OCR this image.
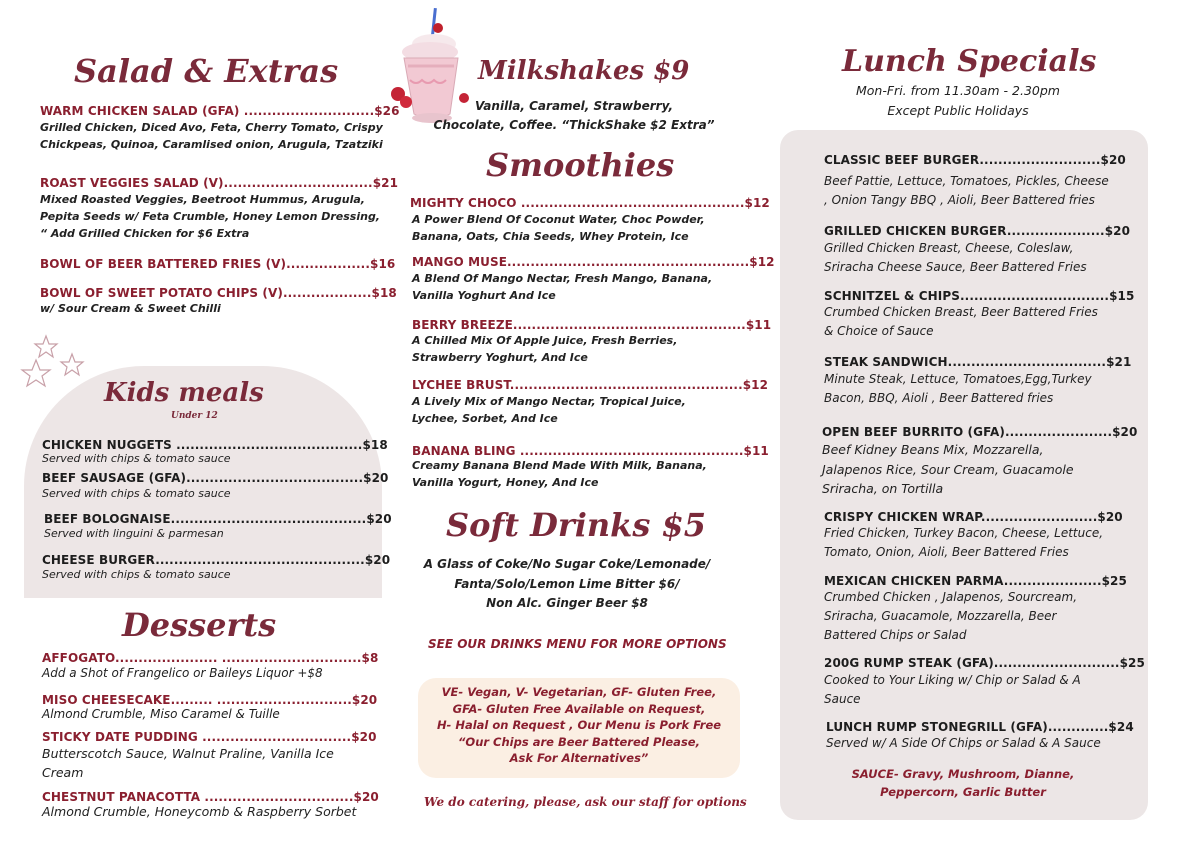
Salad & Extras
WARM CHICKEN SALAD (GFA) ............................$26
Grilled Chicken, Diced Avo, Feta, Cherry Tomato, Crispy
Chickpeas, Quinoa, Caramlised onion, Arugula, Tzatziki
ROAST VEGGIES SALAD (V)................................$21
Mixed Roasted Veggies, Beetroot Hummus, Arugula,
Pepita Seeds w/ Feta Crumble, Honey Lemon Dressing,
“ Add Grilled Chicken for $6 Extra
BOWL OF BEER BATTERED FRIES (V)..................$16
BOWL OF SWEET POTATO CHIPS (V)...................$18
w/ Sour Cream & Sweet Chilli
Kids meals
Under 12
CHICKEN NUGGETS ........................................$18
Served with chips & tomato sauce
BEEF SAUSAGE (GFA)......................................$20
Served with chips & tomato sauce
BEEF BOLOGNAISE..........................................$20
Served with linguini & parmesan
CHEESE BURGER.............................................$20
Served with chips & tomato sauce
Desserts
AFFOGATO...................... ..............................$8
Add a Shot of Frangelico or Baileys Liquor +$8
MISO CHEESECAKE......... .............................$20
Almond Crumble, Miso Caramel & Tuille
STICKY DATE PUDDING ................................$20
Butterscotch Sauce, Walnut Praline, Vanilla Ice
Cream
CHESTNUT PANACOTTA ................................$20
Almond Crumble, Honeycomb & Raspberry Sorbet
Milkshakes $9
Vanilla, Caramel, Strawberry,
Chocolate, Coffee. “ThickShake $2 Extra”
Smoothies
MIGHTY CHOCO ................................................$12
A Power Blend Of Coconut Water, Choc Powder,
Banana, Oats, Chia Seeds, Whey Protein, Ice
MANGO MUSE....................................................$12
A Blend Of Mango Nectar, Fresh Mango, Banana,
Vanilla Yoghurt And Ice
BERRY BREEZE..................................................$11
A Chilled Mix Of Apple Juice, Fresh Berries,
Strawberry Yoghurt, And Ice
LYCHEE BRUST..................................................$12
A Lively Mix of Mango Nectar, Tropical Juice,
Lychee, Sorbet, And Ice
BANANA BLING ................................................$11
Creamy Banana Blend Made With Milk, Banana,
Vanilla Yogurt, Honey, And Ice
Soft Drinks $5
A Glass of Coke/No Sugar Coke/Lemonade/
Fanta/Solo/Lemon Lime Bitter $6/
Non Alc. Ginger Beer $8
SEE OUR DRINKS MENU FOR MORE OPTIONS
VE- Vegan, V- Vegetarian, GF- Gluten Free,
GFA- Gluten Free Available on Request,
H- Halal on Request , Our Menu is Pork Free
“Our Chips are Beer Battered Please,
Ask For Alternatives”
We do catering, please, ask our staff for options
Lunch Specials
Mon-Fri. from 11.30am - 2.30pm
Except Public Holidays
CLASSIC BEEF BURGER..........................$20
Beef Pattie, Lettuce, Tomatoes, Pickles, Cheese
, Onion Tangy BBQ , Aioli, Beer Battered fries
GRILLED CHICKEN BURGER.....................$20
Grilled Chicken Breast, Cheese, Coleslaw,
Sriracha Cheese Sauce, Beer Battered Fries
SCHNITZEL & CHIPS................................$15
Crumbed Chicken Breast, Beer Battered Fries
& Choice of Sauce
STEAK SANDWICH..................................$21
Minute Steak, Lettuce, Tomatoes,Egg,Turkey
Bacon, BBQ, Aioli , Beer Battered fries
OPEN BEEF BURRITO (GFA).......................$20
Beef Kidney Beans Mix, Mozzarella,
Jalapenos Rice, Sour Cream, Guacamole
Sriracha, on Tortilla
CRISPY CHICKEN WRAP.........................$20
Fried Chicken, Turkey Bacon, Cheese, Lettuce,
Tomato, Onion, Aioli, Beer Battered Fries
MEXICAN CHICKEN PARMA.....................$25
Crumbed Chicken , Jalapenos, Sourcream,
Sriracha, Guacamole, Mozzarella, Beer
Battered Chips or Salad
200G RUMP STEAK (GFA)...........................$25
Cooked to Your Liking w/ Chip or Salad & A
Sauce
LUNCH RUMP STONEGRILL (GFA).............$24
Served w/ A Side Of Chips or Salad & A Sauce
SAUCE- Gravy, Mushroom, Dianne,
Peppercorn, Garlic Butter
